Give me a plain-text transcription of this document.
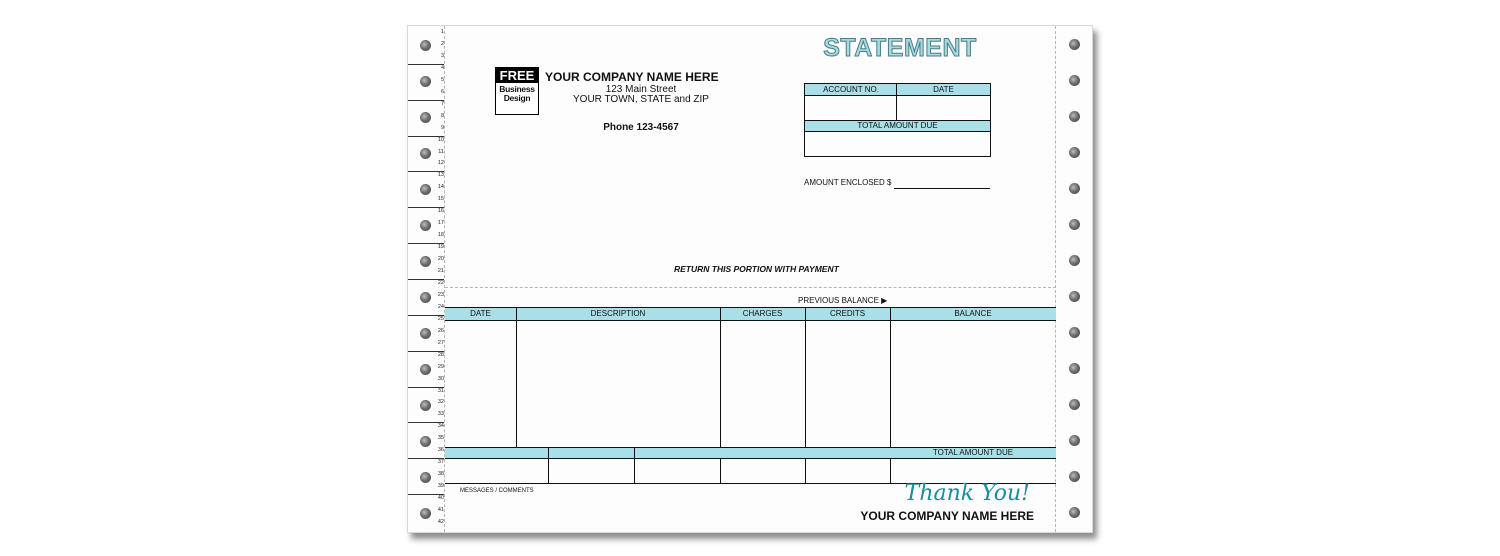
FREE
Business
Design
YOUR COMPANY NAME HERE
123 Main Street
YOUR TOWN, STATE and ZIP
Phone 123-4567
STATEMENT
ACCOUNT NO.	DATE
TOTAL AMOUNT DUE
AMOUNT ENCLOSED $
RETURN THIS PORTION WITH PAYMENT
PREVIOUS BALANCE ▶
DATE	DESCRIPTION	CHARGES	CREDITS	BALANCE
TOTAL AMOUNT DUE
MESSAGES / COMMENTS	Thank You!
YOUR COMPANY NAME HERE
1
2
3
4
5
6
7
8
9
10
11
12
13
14
15
16
17
18
19
20
21
22
23
24
25
26
27
28
29
30
31
32
33
34
35
36
37
38
39
40
41
42
